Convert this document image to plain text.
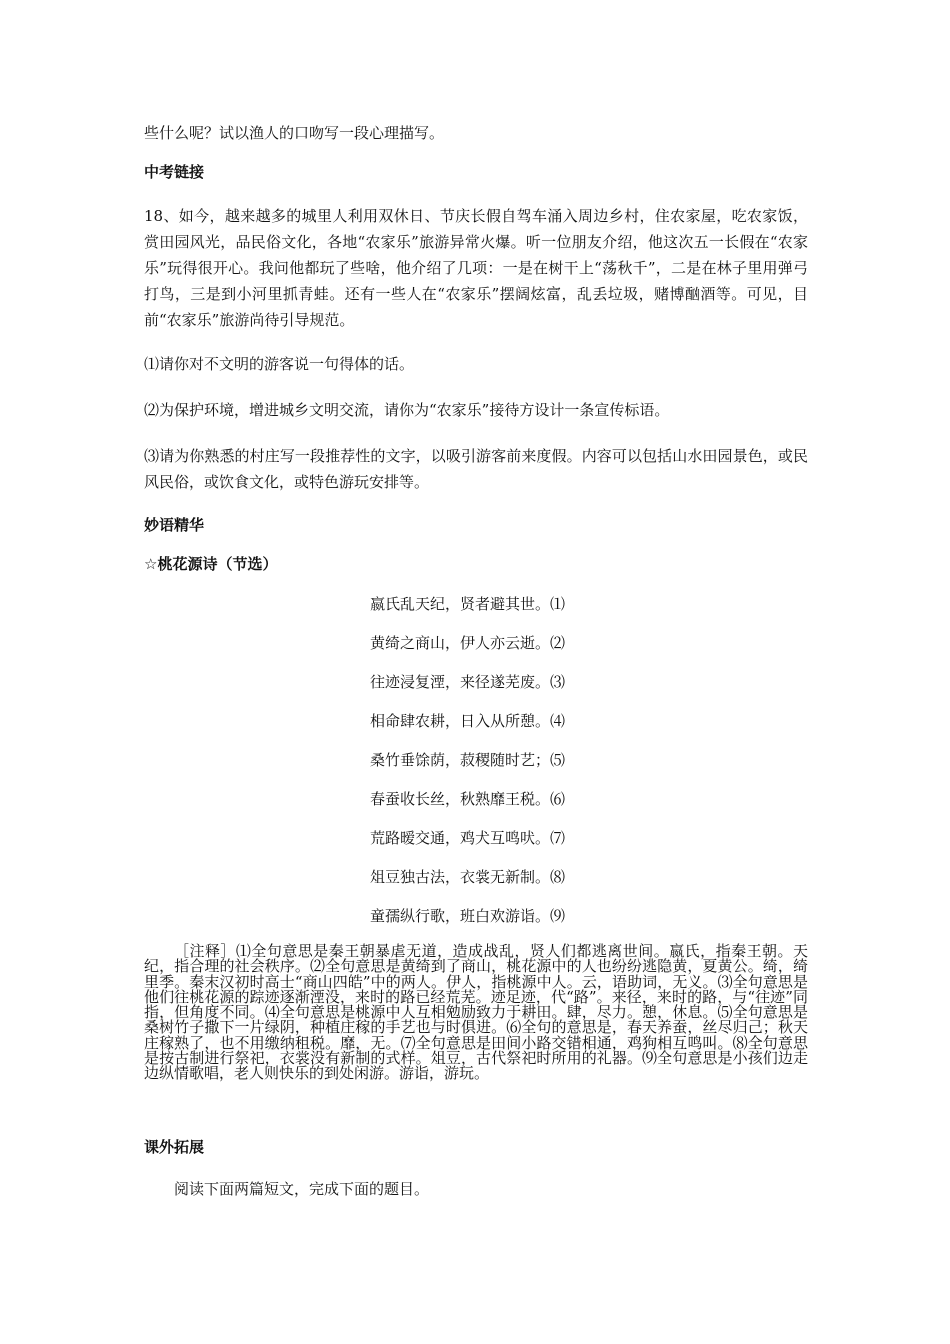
些什么呢？试以渔人的口吻写一段心理描写。
中考链接
18、如今，越来越多的城里人利用双休日、节庆长假自驾车涌入周边乡村，住农家屋，吃农家饭，赏田园风光，品民俗文化，各地“农家乐”旅游异常火爆。听一位朋友介绍，他这次五一长假在“农家乐”玩得很开心。我问他都玩了些啥，他介绍了几项：一是在树干上“荡秋千”，二是在林子里用弹弓打鸟，三是到小河里抓青蛙。还有一些人在“农家乐”摆阔炫富，乱丢垃圾，赌博酗酒等。可见，目前“农家乐”旅游尚待引导规范。
⑴请你对不文明的游客说一句得体的话。
⑵为保护环境，增进城乡文明交流，请你为“农家乐”接待方设计一条宣传标语。
⑶请为你熟悉的村庄写一段推荐性的文字，以吸引游客前来度假。内容可以包括山水田园景色，或民风民俗，或饮食文化，或特色游玩安排等。
妙语精华
☆桃花源诗（节选）
嬴氏乱天纪，贤者避其世。⑴
黄绮之商山，伊人亦云逝。⑵
往迹浸复湮，来径遂芜废。⑶
相命肆农耕，日入从所憩。⑷
桑竹垂馀荫，菽稷随时艺；⑸
春蚕收长丝，秋熟靡王税。⑹
荒路暧交通，鸡犬互鸣吠。⑺
俎豆独古法，衣裳无新制。⑻
童孺纵行歌，班白欢游诣。⑼
［注释］⑴全句意思是秦王朝暴虐无道，造成战乱，贤人们都逃离世间。嬴氏，指秦王朝。天纪，指合理的社会秩序。⑵全句意思是黄绮到了商山，桃花源中的人也纷纷逃隐黄，夏黄公。绮，绮里季。秦末汉初时高士“商山四皓”中的两人。伊人，指桃源中人。云，语助词，无义。⑶全句意思是他们往桃花源的踪迹逐渐湮没，来时的路已经荒芜。迹足迹，代“路”。来径，来时的路，与“往迹”同指，但角度不同。⑷全句意思是桃源中人互相勉励致力于耕田。肆，尽力。憩，休息。⑸全句意思是桑树竹子撒下一片绿阴，种植庄稼的手艺也与时俱进。⑹全句的意思是，春天养蚕，丝尽归己；秋天庄稼熟了，也不用缴纳租税。靡，无。⑺全句意思是田间小路交错相通，鸡狗相互鸣叫。⑻全句意思是按古制进行祭祀，衣裳没有新制的式样。俎豆，古代祭祀时所用的礼器。⑼全句意思是小孩们边走边纵情歌唱，老人则快乐的到处闲游。游诣，游玩。
课外拓展
阅读下面两篇短文，完成下面的题目。
